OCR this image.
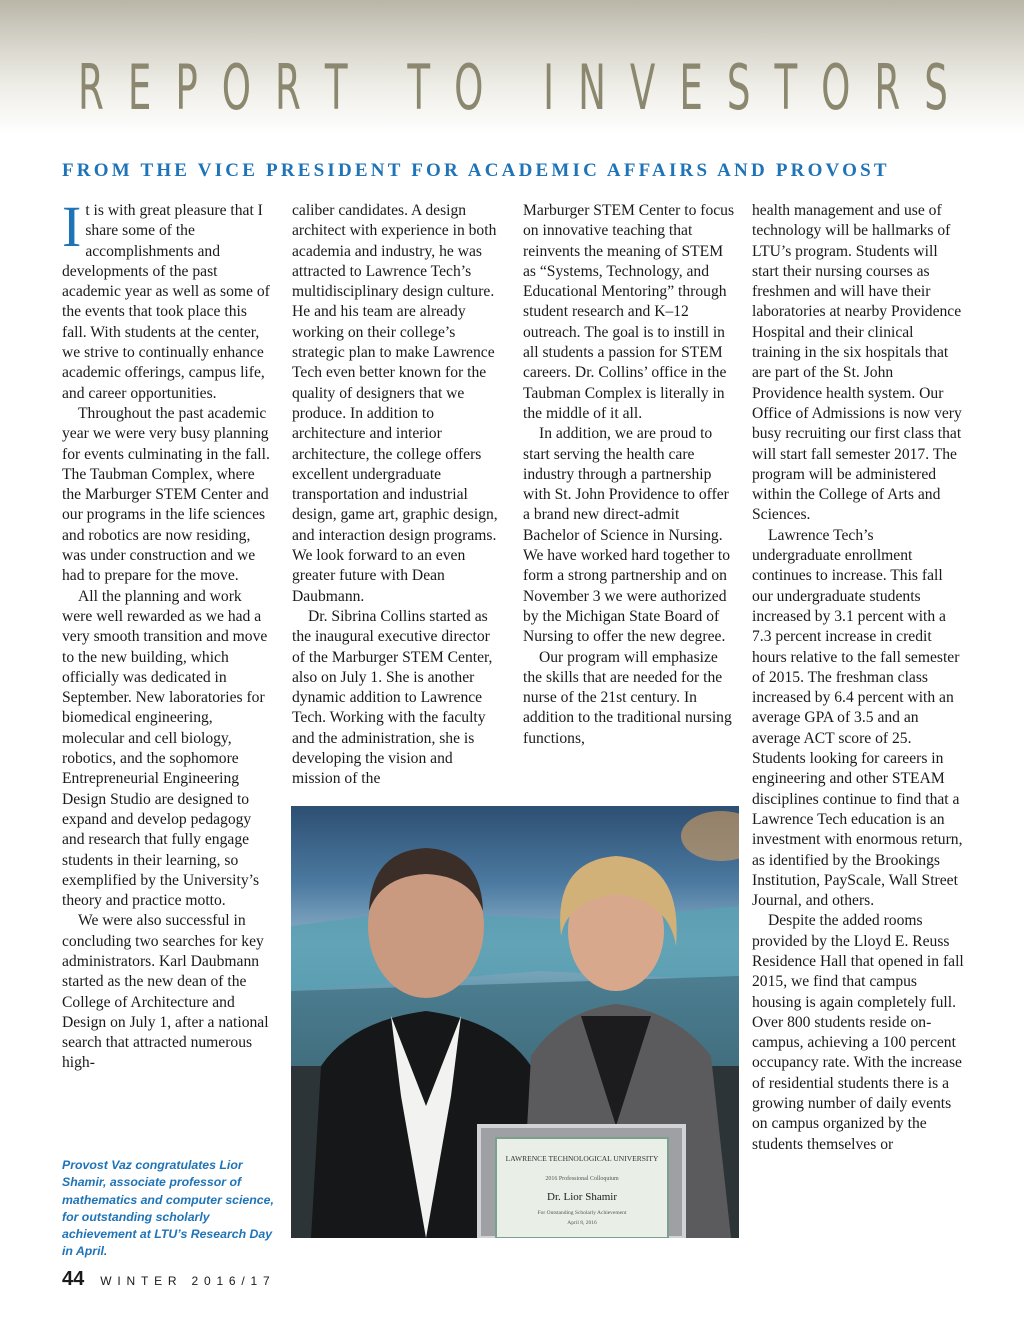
R E P O R T
T O
I N V E S T O R S
FROM THE VICE PRESIDENT FOR ACADEMIC AFFAIRS AND PROVOST

It is with great pleasure that I share some of the accomplishments and developments of the past academic year as well as some of the events that took place this fall. With students at the center, we strive to continually enhance academic offerings, campus life, and career opportunities.

Throughout the past academic year we were very busy planning for events culminating in the fall. The Taubman Complex, where the Marburger STEM Center and our programs in the life sciences and robotics are now residing, was under construction and we had to prepare for the move.

All the planning and work were well rewarded as we had a very smooth transition and move to the new building, which officially was dedicated in September. New laboratories for biomedical engineering, molecular and cell biology, robotics, and the sophomore Entrepreneurial Engineering Design Studio are designed to expand and develop pedagogy and research that fully engage students in their learning, so exemplified by the University’s theory and practice motto.

We were also successful in concluding two searches for key administrators. Karl Daubmann started as the new dean of the College of Architecture and Design on July 1, after a national search that attracted numerous high-

caliber candidates. A design architect with experience in both academia and industry, he was attracted to Lawrence Tech’s multidisciplinary design culture. He and his team are already working on their college’s strategic plan to make Lawrence Tech even better known for the quality of designers that we produce. In addition to architecture and interior architecture, the college offers excellent undergraduate transportation and industrial design, game art, graphic design, and interaction design programs. We look forward to an even greater future with Dean Daubmann.

Dr. Sibrina Collins started as the inaugural executive director of the Marburger STEM Center, also on July 1. She is another dynamic addition to Lawrence Tech. Working with the faculty and the administration, she is developing the vision and mission of the

Marburger STEM Center to focus on innovative teaching that reinvents the meaning of STEM as “Systems, Technology, and Educational Mentoring” through student research and K–12 outreach. The goal is to instill in all students a passion for STEM careers. Dr. Collins’ office in the Taubman Complex is literally in the middle of it all.

In addition, we are proud to start serving the health care industry through a partnership with St. John Providence to offer a brand new direct-admit Bachelor of Science in Nursing. We have worked hard together to form a strong partnership and on November 3 we were authorized by the Michigan State Board of Nursing to offer the new degree.

Our program will emphasize the skills that are needed for the nurse of the 21st century. In addition to the traditional nursing functions,

health management and use of technology will be hallmarks of LTU’s program. Students will start their nursing courses as freshmen and will have their laboratories at nearby Providence Hospital and their clinical training in the six hospitals that are part of the St. John Providence health system. Our Office of Admissions is now very busy recruiting our first class that will start fall semester 2017. The program will be administered within the College of Arts and Sciences.

Lawrence Tech’s undergraduate enrollment continues to increase. This fall our undergraduate students increased by 3.1 percent with a 7.3 percent increase in credit hours relative to the fall semester of 2015. The freshman class increased by 6.4 percent with an average GPA of 3.5 and an average ACT score of 25. Students looking for careers in engineering and other STEAM disciplines continue to find that a Lawrence Tech education is an investment with enormous return, as identified by the Brookings Institution, PayScale, Wall Street Journal, and others.

Despite the added rooms provided by the Lloyd E. Reuss Residence Hall that opened in fall 2015, we find that campus housing is again completely full. Over 800 students reside on-campus, achieving a 100 percent occupancy rate. With the increase of residential students there is a growing number of daily events on campus organized by the students themselves or

LAWRENCE TECHNOLOGICAL UNIVERSITY
2016 Professional Colloquium
Dr. Lior Shamir
For Outstanding Scholarly Achievement
April 8, 2016
Provost Vaz congratulates Lior Shamir, associate professor of mathematics and computer science, for outstanding scholarly achievement at LTU’s Research Day in April.
44 WINTER 2016/17
